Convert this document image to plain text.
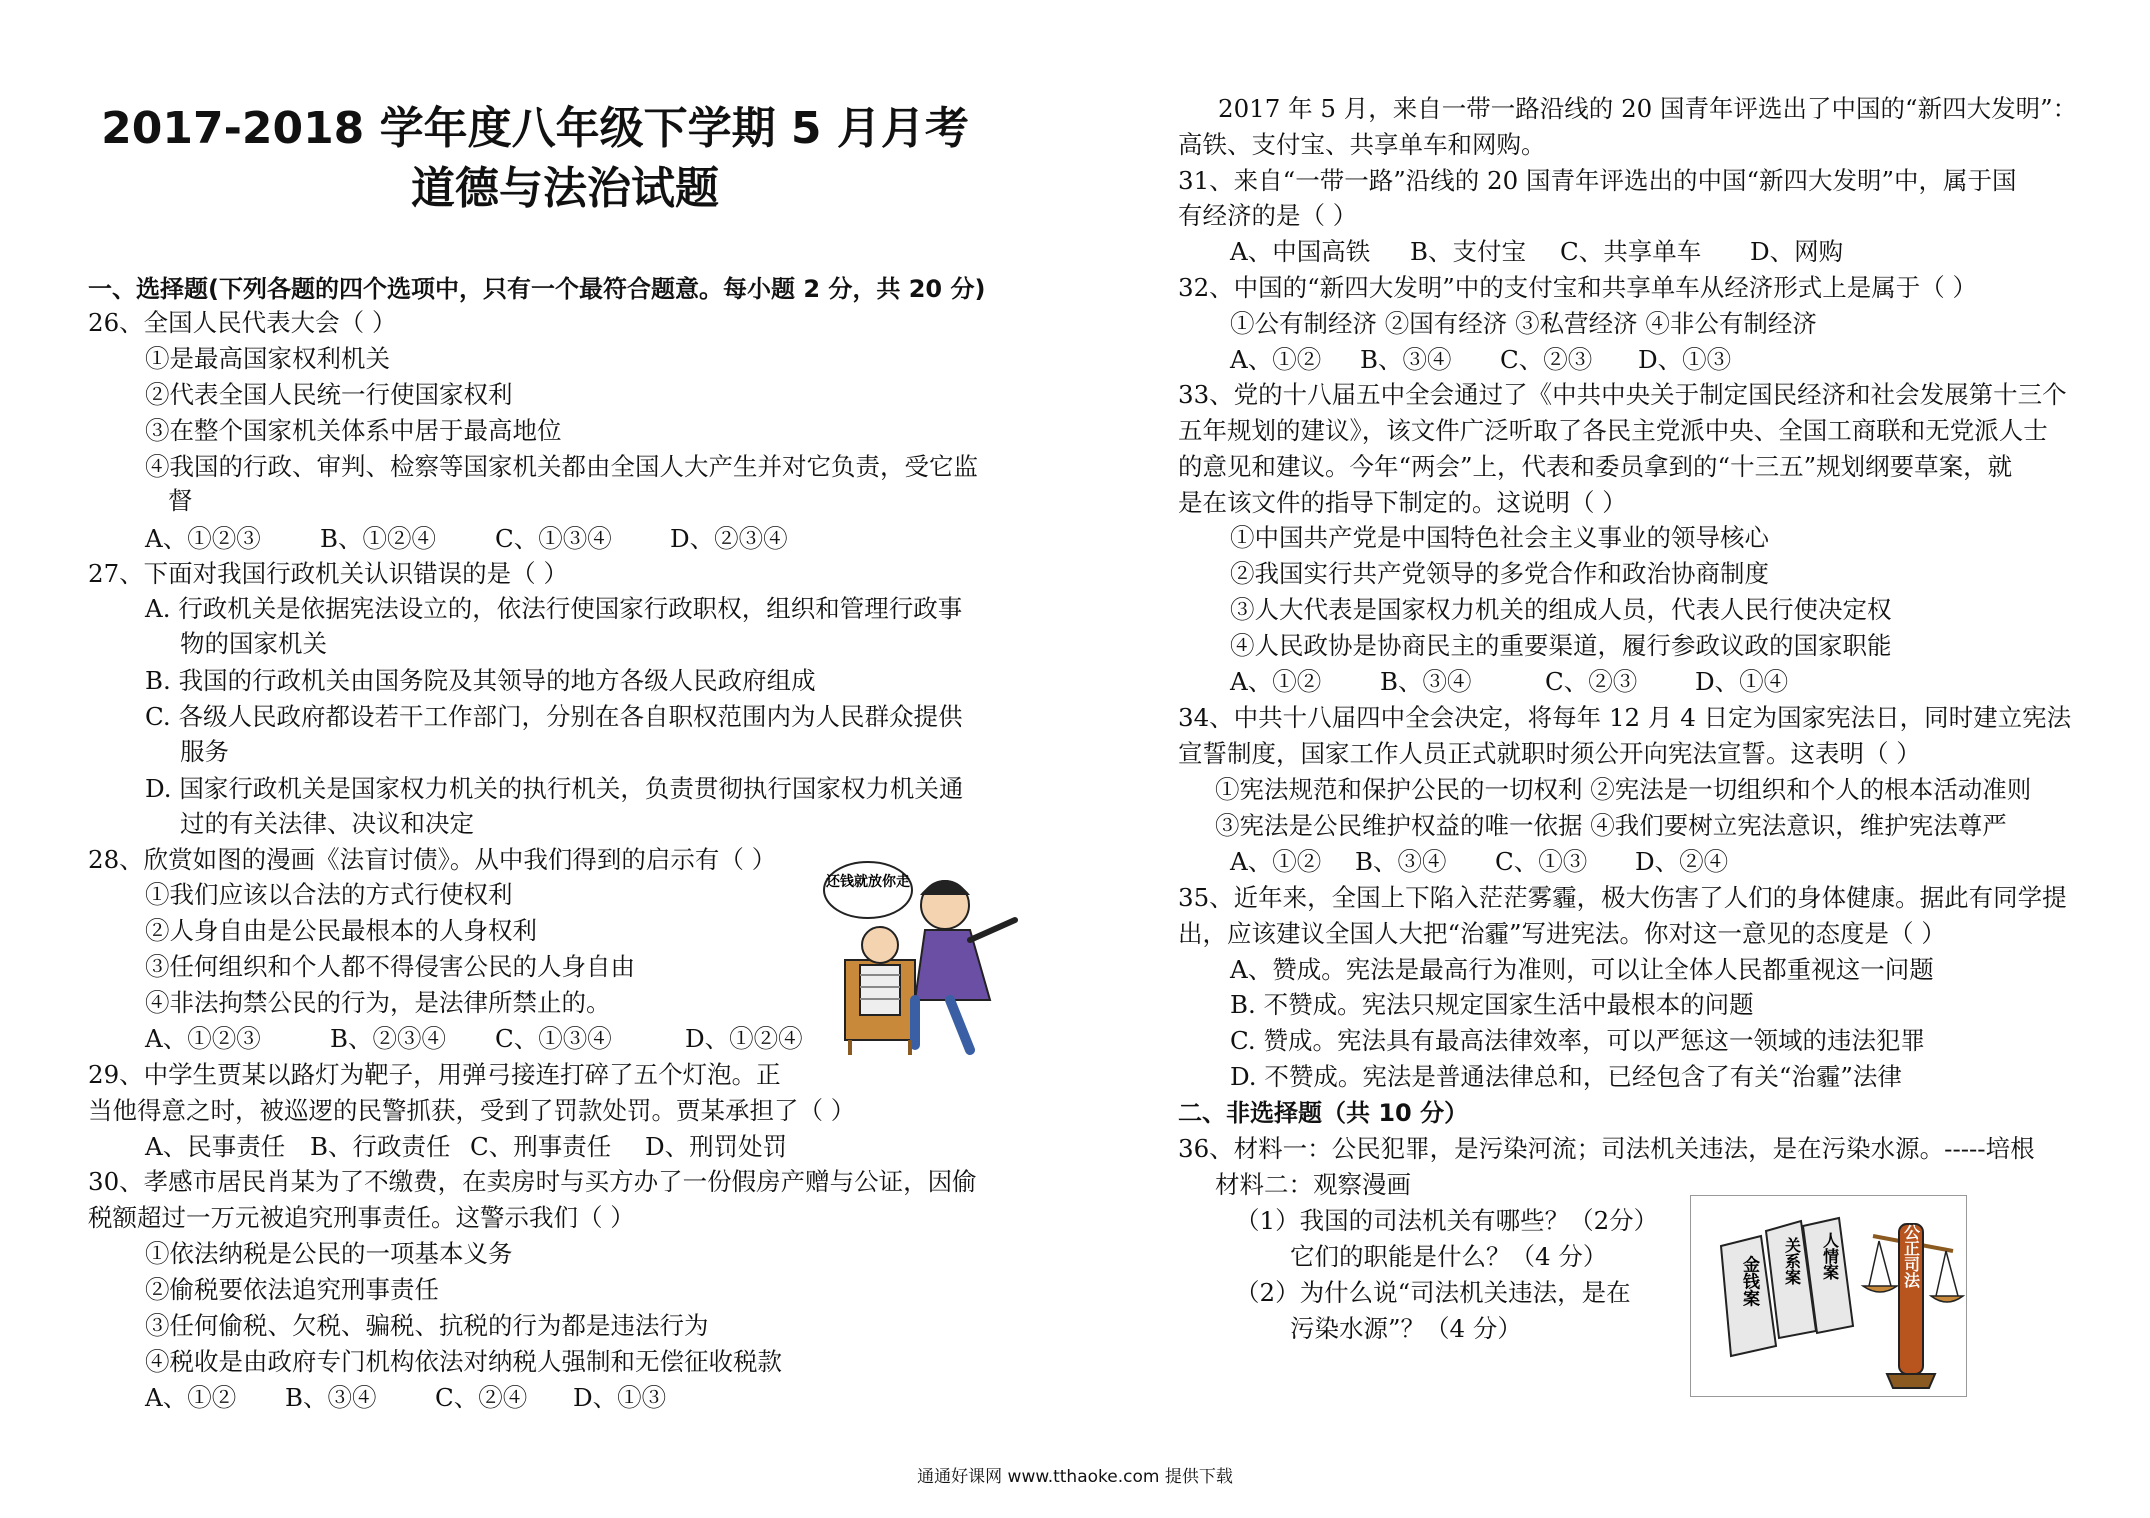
2017-2018 学年度八年级下学期 5 月月考
道德与法治试题
一、选择题(下列各题的四个选项中，只有一个最符合题意。每小题 2 分，共 20 分)
26、全国人民代表大会（ ）
①是最高国家权利机关
②代表全国人民统一行使国家权利
③在整个国家机关体系中居于最高地位
④我国的行政、审判、检察等国家机关都由全国人大产生并对它负责，受它监
督
A、①②③ B、①②④ C、①③④ D、②③④
27、下面对我国行政机关认识错误的是（ ）
A. 行政机关是依据宪法设立的，依法行使国家行政职权，组织和管理行政事
物的国家机关
B. 我国的行政机关由国务院及其领导的地方各级人民政府组成
C. 各级人民政府都设若干工作部门，分别在各自职权范围内为人民群众提供
服务
D. 国家行政机关是国家权力机关的执行机关，负责贯彻执行国家权力机关通
过的有关法律、决议和决定
28、欣赏如图的漫画《法盲讨债》。从中我们得到的启示有（ ）
①我们应该以合法的方式行使权利
②人身自由是公民最根本的人身权利
③任何组织和个人都不得侵害公民的人身自由
④非法拘禁公民的行为，是法律所禁止的。
A、①②③	B、②③④ C、①③④	D、①②④
还钱就放你走
29、中学生贾某以路灯为靶子，用弹弓接连打碎了五个灯泡。正
当他得意之时，被巡逻的民警抓获，受到了罚款处罚。贾某承担了（ ）
A、民事责任 B、行政责任 C、刑事责任 D、刑罚处罚
30、孝感市居民肖某为了不缴费，在卖房时与买方办了一份假房产赠与公证，因偷
税额超过一万元被追究刑事责任。这警示我们（ ）
①依法纳税是公民的一项基本义务
②偷税要依法追究刑事责任
③任何偷税、欠税、骗税、抗税的行为都是违法行为
④税收是由政府专门机构依法对纳税人强制和无偿征收税款
A、①② B、③④ C、②④ D、①③
2017 年 5 月，来自一带一路沿线的 20 国青年评选出了中国的“新四大发明”：
高铁、支付宝、共享单车和网购。
31、来自“一带一路”沿线的 20 国青年评选出的中国“新四大发明”中，属于国
有经济的是（ ）
A、中国高铁 B、支付宝 C、共享单车 D、网购
32、中国的“新四大发明”中的支付宝和共享单车从经济形式上是属于（ ）
①公有制经济 ②国有经济 ③私营经济 ④非公有制经济
A、①② B、③④ C、②③ D、①③
33、党的十八届五中全会通过了《中共中央关于制定国民经济和社会发展第十三个
五年规划的建议》，该文件广泛听取了各民主党派中央、全国工商联和无党派人士
的意见和建议。今年“两会”上，代表和委员拿到的“十三五”规划纲要草案，就
是在该文件的指导下制定的。这说明（ ）
①中国共产党是中国特色社会主义事业的领导核心
②我国实行共产党领导的多党合作和政治协商制度
③人大代表是国家权力机关的组成人员，代表人民行使决定权
④人民政协是协商民主的重要渠道，履行参政议政的国家职能
A、①② B、③④	C、②③ D、①④
34、中共十八届四中全会决定，将每年 12 月 4 日定为国家宪法日，同时建立宪法
宣誓制度，国家工作人员正式就职时须公开向宪法宣誓。这表明（ ）
①宪法规范和保护公民的一切权利 ②宪法是一切组织和个人的根本活动准则
③宪法是公民维护权益的唯一依据 ④我们要树立宪法意识，维护宪法尊严
A、①② B、③④ C、①③ D、②④
35、近年来，全国上下陷入茫茫雾霾，极大伤害了人们的身体健康。据此有同学提
出，应该建议全国人大把“治霾”写进宪法。你对这一意见的态度是（ ）
A、赞成。宪法是最高行为准则，可以让全体人民都重视这一问题
B. 不赞成。宪法只规定国家生活中最根本的问题
C. 赞成。宪法具有最高法律效率，可以严惩这一领域的违法犯罪
D. 不赞成。宪法是普通法律总和，已经包含了有关“治霾”法律
二、非选择题（共 10 分）
36、材料一：公民犯罪，是污染河流；司法机关违法，是在污染水源。-----培根
材料二：观察漫画
（1）我国的司法机关有哪些？（2分）
它们的职能是什么？（4 分）
（2）为什么说“司法机关违法，是在
污染水源”？（4 分）
金钱案 关系案 人情案	公正司法
通通好课网 www.tthaoke.com 提供下载
